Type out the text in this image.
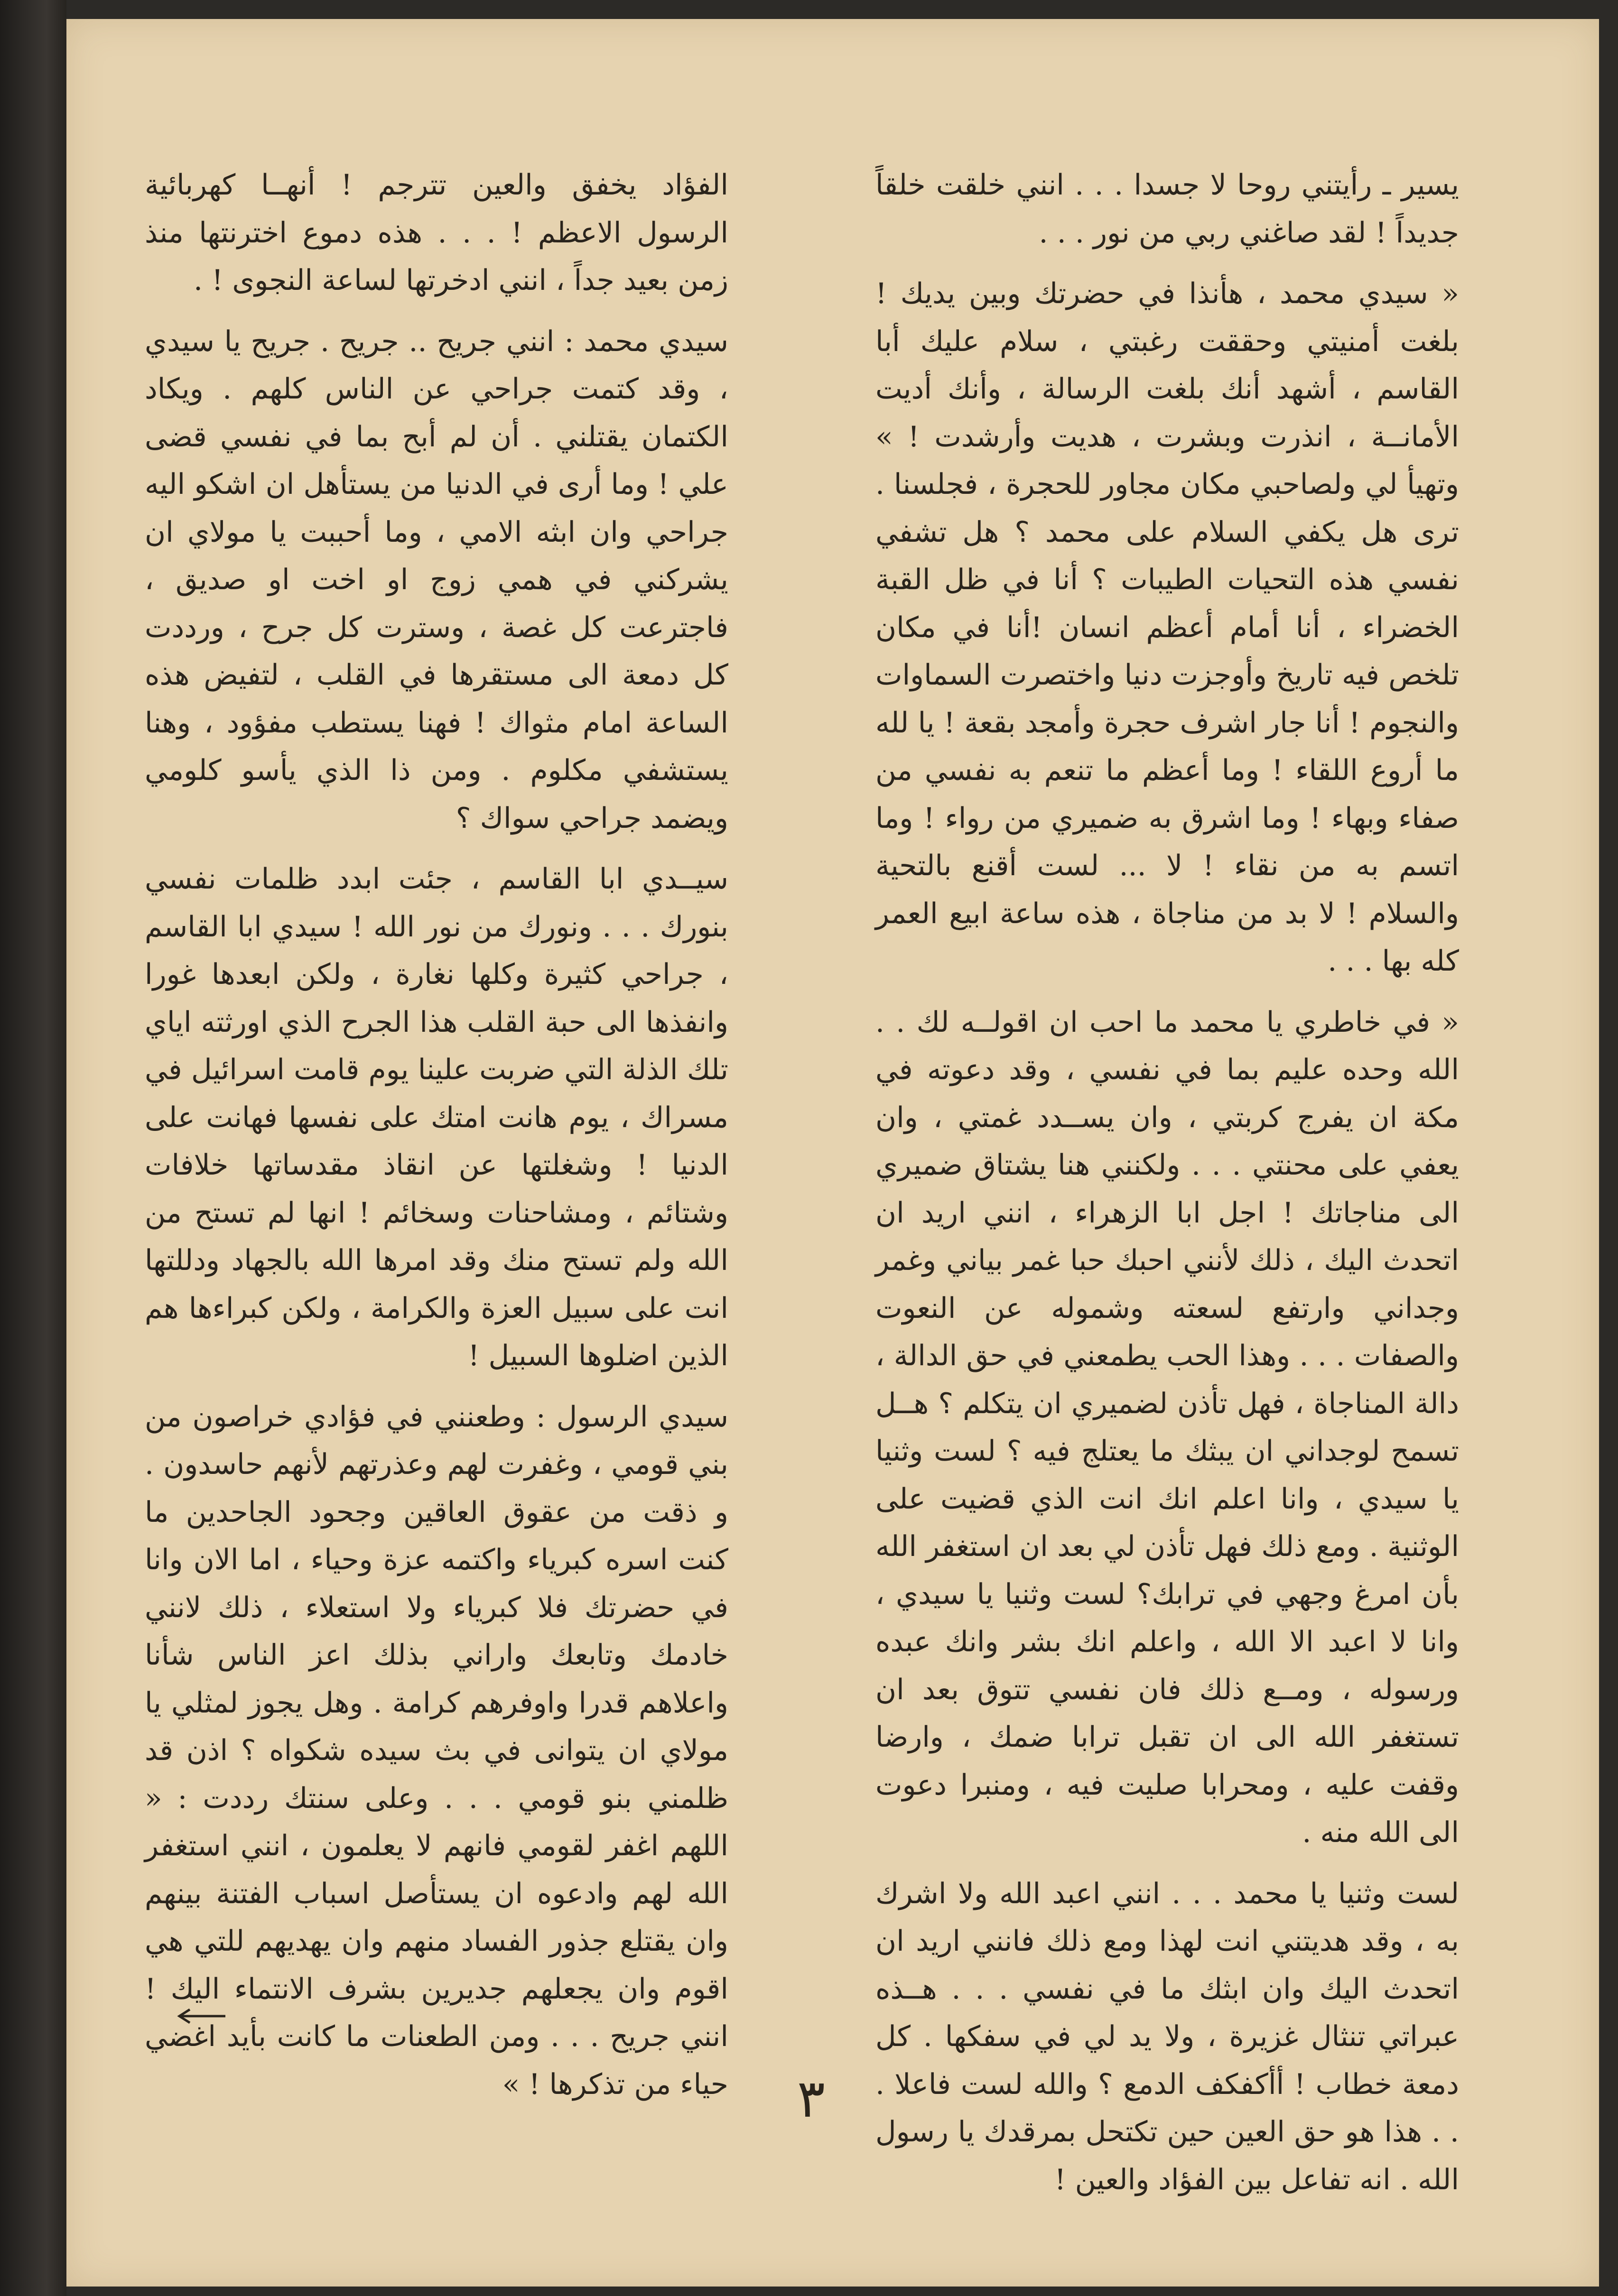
يسير ـ رأيتني روحا لا جسدا . . . انني خلقت خلقاً جديداً ! لقد صاغني ربي من نور . . .

« سيدي محمد ، هأنذا في حضرتك وبين يديك ! بلغت أمنيتي وحققت رغبتي ، سلام عليك أبا القاسم ، أشهد أنك بلغت الرسالة ، وأنك أديت الأمانــة ، انذرت وبشرت ، هديت وأرشدت ! » وتهيأ لي ولصاحبي مكان مجاور للحجرة ، فجلسنا . ترى هل يكفي السلام على محمد ؟ هل تشفي نفسي هذه التحيات الطيبات ؟ أنا في ظل القبة الخضراء ، أنا أمام أعظم انسان !أنا في مكان تلخص فيه تاريخ وأوجزت دنيا واختصرت السماوات والنجوم ! أنا جار اشرف حجرة وأمجد بقعة ! يا لله ما أروع اللقاء ! وما أعظم ما تنعم به نفسي من صفاء وبهاء ! وما اشرق به ضميري من رواء ! وما اتسم به من نقاء ! لا ... لست أقنع بالتحية والسلام ! لا بد من مناجاة ، هذه ساعة ابيع العمر كله بها . . .

« في خاطري يا محمد ما احب ان اقولــه لك . . الله وحده عليم بما في نفسي ، وقد دعوته في مكة ان يفرج كربتي ، وان يســدد غمتي ، وان يعفي على محنتي . . . ولكنني هنا يشتاق ضميري الى مناجاتك ! اجل ابا الزهراء ، انني اريد ان اتحدث اليك ، ذلك لأنني احبك حبا غمر بياني وغمر وجداني وارتفع لسعته وشموله عن النعوت والصفات . . . وهذا الحب يطمعني في حق الدالة ، دالة المناجاة ، فهل تأذن لضميري ان يتكلم ؟ هــل تسمح لوجداني ان يبثك ما يعتلج فيه ؟ لست وثنيا يا سيدي ، وانا اعلم انك انت الذي قضيت على الوثنية . ومع ذلك فهل تأذن لي بعد ان استغفر الله بأن امرغ وجهي في ترابك؟ لست وثنيا يا سيدي ، وانا لا اعبد الا الله ، واعلم انك بشر وانك عبده ورسوله ، ومــع ذلك فان نفسي تتوق بعد ان تستغفر الله الى ان تقبل ترابا ضمك ، وارضا وقفت عليه ، ومحرابا صليت فيه ، ومنبرا دعوت الى الله منه .

لست وثنيا يا محمد . . . انني اعبد الله ولا اشرك به ، وقد هديتني انت لهذا ومع ذلك فانني اريد ان اتحدث اليك وان ابثك ما في نفسي . . . هــذه عبراتي تنثال غزيرة ، ولا يد لي في سفكها . كل دمعة خطاب ! أأكفكف الدمع ؟ والله لست فاعلا . . . هذا هو حق العين حين تكتحل بمرقدك يا رسول الله . انه تفاعل بين الفؤاد والعين !

الفؤاد يخفق والعين تترجم ! أنهــا كهربائية الرسول الاعظم ! . . . هذه دموع اخترنتها منذ زمن بعيد جداً ، انني ادخرتها لساعة النجوى ! .

سيدي محمد : انني جريح .. جريح . جريح يا سيدي ، وقد كتمت جراحي عن الناس كلهم . ويكاد الكتمان يقتلني . أن لم أبح بما في نفسي قضى علي ! وما أرى في الدنيا من يستأهل ان اشكو اليه جراحي وان ابثه الامي ، وما أحببت يا مولاي ان يشركني في همي زوج او اخت او صديق ، فاجترعت كل غصة ، وسترت كل جرح ، ورددت كل دمعة الى مستقرها في القلب ، لتفيض هذه الساعة امام مثواك ! فهنا يستطب مفؤود ، وهنا يستشفي مكلوم . ومن ذا الذي يأسو كلومي ويضمد جراحي سواك ؟

سيــدي ابا القاسم ، جئت ابدد ظلمات نفسي بنورك . . . ونورك من نور الله ! سيدي ابا القاسم ، جراحي كثيرة وكلها نغارة ، ولكن ابعدها غورا وانفذها الى حبة القلب هذا الجرح الذي اورثته اياي تلك الذلة التي ضربت علينا يوم قامت اسرائيل في مسراك ، يوم هانت امتك على نفسها فهانت على الدنيا ! وشغلتها عن انقاذ مقدساتها خلافات وشتائم ، ومشاحنات وسخائم ! انها لم تستح من الله ولم تستح منك وقد امرها الله بالجهاد ودللتها انت على سبيل العزة والكرامة ، ولكن كبراءها هم الذين اضلوها السبيل !

سيدي الرسول : وطعنني في فؤادي خراصون من بني قومي ، وغفرت لهم وعذرتهم لأنهم حاسدون . و ذقت من عقوق العاقين وجحود الجاحدين ما كنت اسره كبرياء واكتمه عزة وحياء ، اما الان وانا في حضرتك فلا كبرياء ولا استعلاء ، ذلك لانني خادمك وتابعك واراني بذلك اعز الناس شأنا واعلاهم قدرا واوفرهم كرامة . وهل يجوز لمثلي يا مولاي ان يتوانى في بث سيده شكواه ؟ اذن قد ظلمني بنو قومي . . . وعلى سنتك رددت : « اللهم اغفر لقومي فانهم لا يعلمون ، انني استغفر الله لهم وادعوه ان يستأصل اسباب الفتنة بينهم وان يقتلع جذور الفساد منهم وان يهديهم للتي هي اقوم وان يجعلهم جديرين بشرف الانتماء اليك ! انني جريح . . . ومن الطعنات ما كانت بأيد اغضي حياء من تذكرها ! » ٣
